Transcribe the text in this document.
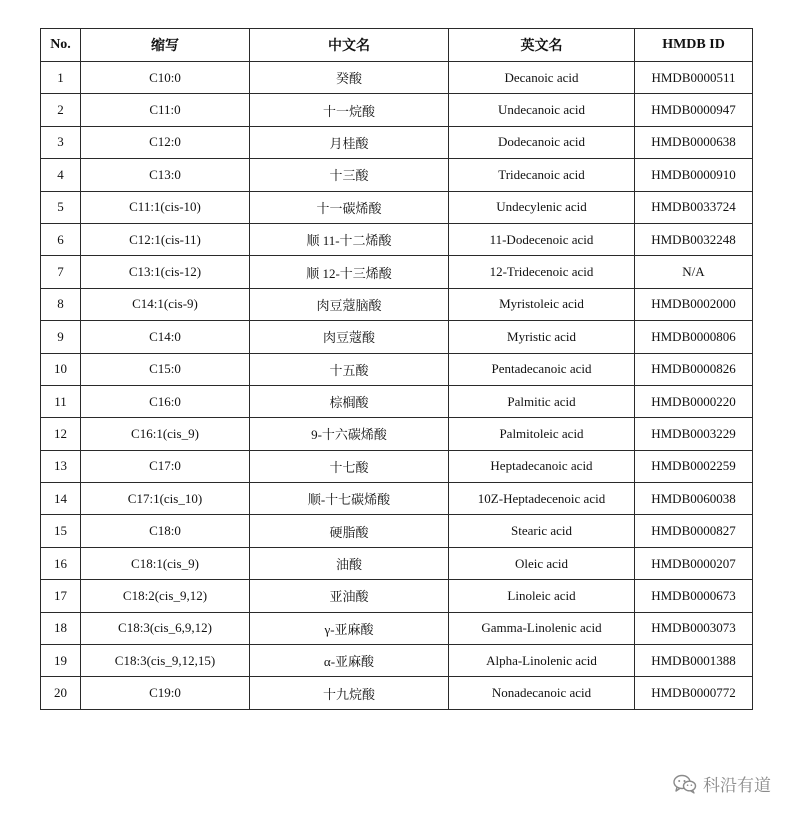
No.	缩写	中文名	英文名	HMDB ID
1	C10:0	癸酸	Decanoic acid	HMDB0000511
2	C11:0	十一烷酸	Undecanoic acid	HMDB0000947
3	C12:0	月桂酸	Dodecanoic acid	HMDB0000638
4	C13:0	十三酸	Tridecanoic acid	HMDB0000910
5	C11:1(cis-10)	十一碳烯酸	Undecylenic acid	HMDB0033724
6	C12:1(cis-11)	顺 11-十二烯酸	11-Dodecenoic acid	HMDB0032248
7	C13:1(cis-12)	顺 12-十三烯酸	12-Tridecenoic acid	N/A
8	C14:1(cis-9)	肉豆蔻脑酸	Myristoleic acid	HMDB0002000
9	C14:0	肉豆蔻酸	Myristic acid	HMDB0000806
10	C15:0	十五酸	Pentadecanoic acid	HMDB0000826
11	C16:0	棕榈酸	Palmitic acid	HMDB0000220
12	C16:1(cis_9)	9-十六碳烯酸	Palmitoleic acid	HMDB0003229
13	C17:0	十七酸	Heptadecanoic acid	HMDB0002259
14	C17:1(cis_10)	顺-十七碳烯酸	10Z-Heptadecenoic acid	HMDB0060038
15	C18:0	硬脂酸	Stearic acid	HMDB0000827
16	C18:1(cis_9)	油酸	Oleic acid	HMDB0000207
17	C18:2(cis_9,12)	亚油酸	Linoleic acid	HMDB0000673
18	C18:3(cis_6,9,12)	γ-亚麻酸	Gamma-Linolenic acid	HMDB0003073
19	C18:3(cis_9,12,15)	α-亚麻酸	Alpha-Linolenic acid	HMDB0001388
20	C19:0	十九烷酸	Nonadecanoic acid	HMDB0000772
科沿有道
